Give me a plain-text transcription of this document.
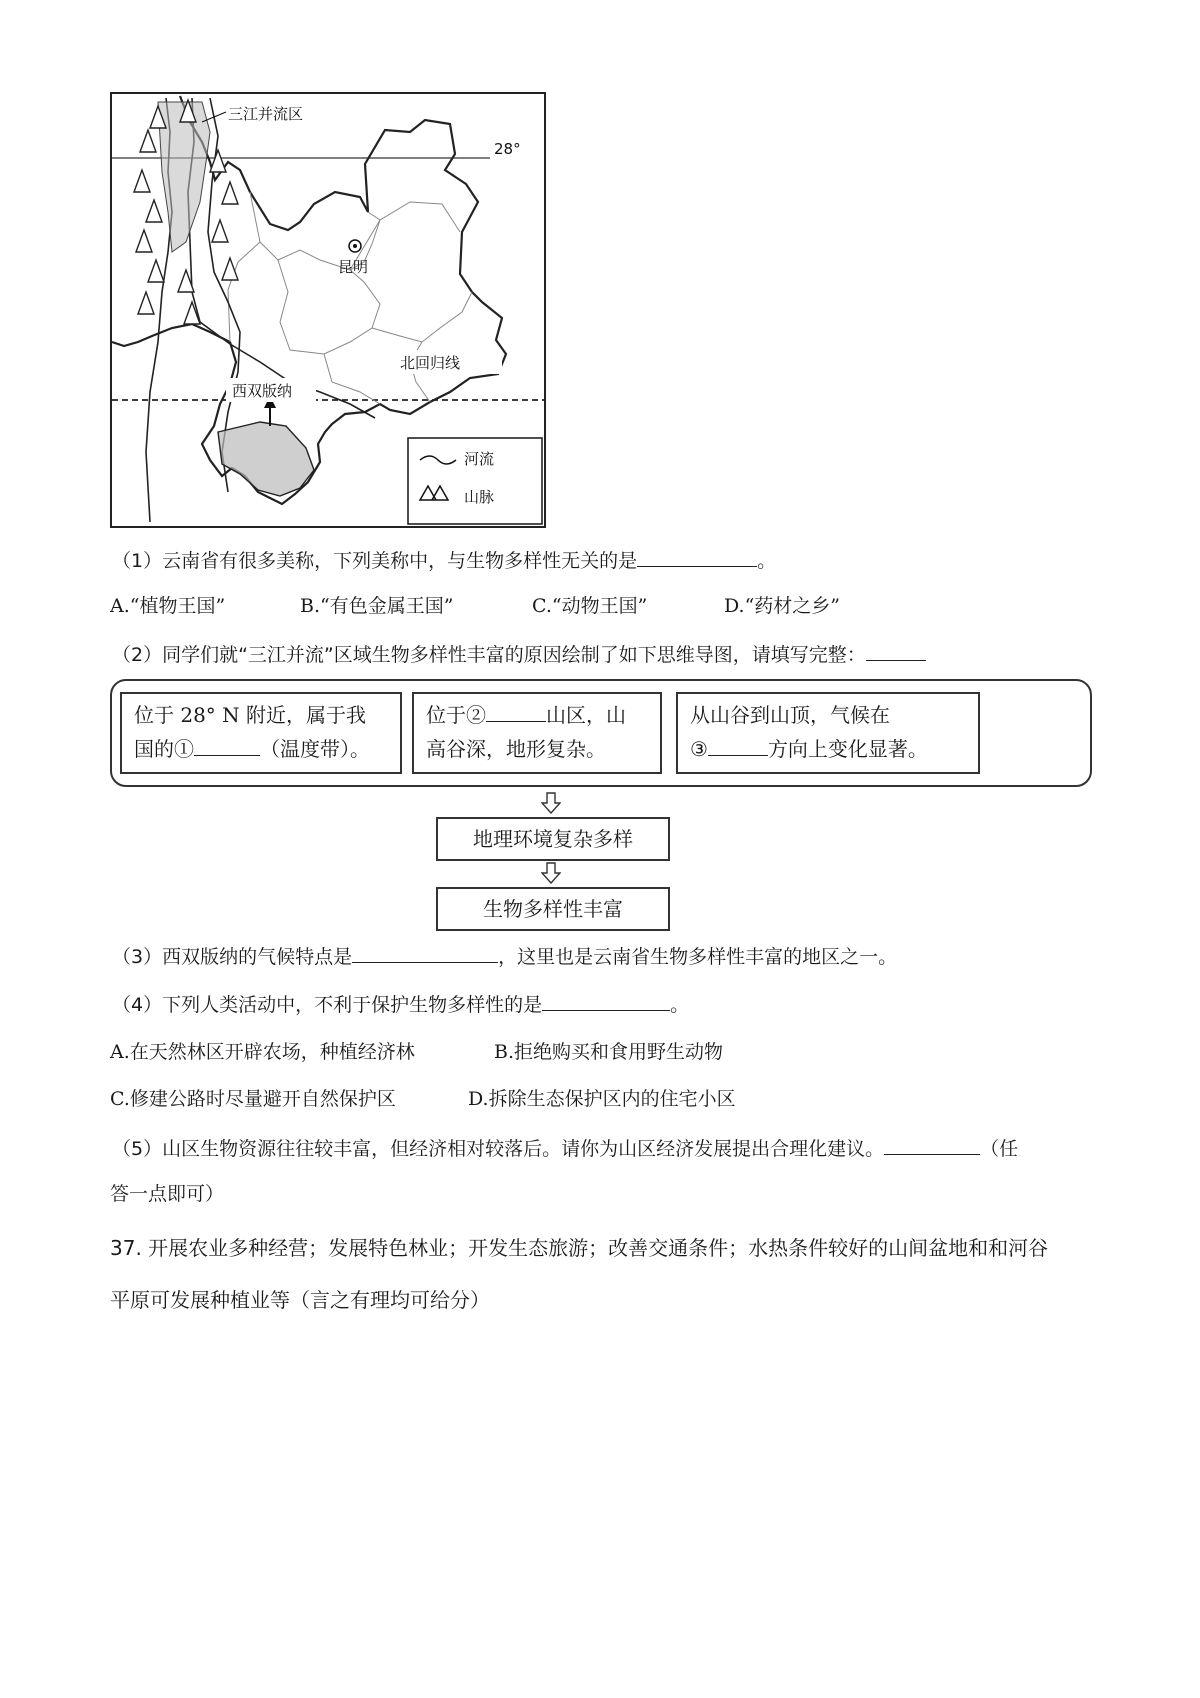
三江并流区
28°
昆明
北回归线
西双版纳
河流
山脉
（1）云南省有很多美称，下列美称中，与生物多样性无关的是	。
A.“植物王国”	B.“有色金属王国”	C.“动物王国”	D.“药材之乡”
（2）同学们就“三江并流”区域生物多样性丰富的原因绘制了如下思维导图，请填写完整：
位于 28° N 附近，属于我
国的①	（温度带）。
位于②	山区，山
高谷深，地形复杂。
从山谷到山顶，气候在
③	方向上变化显著。
地理环境复杂多样
生物多样性丰富
（3）西双版纳的气候特点是	，这里也是云南省生物多样性丰富的地区之一。
（4）下列人类活动中，不利于保护生物多样性的是	。
A.在天然林区开辟农场，种植经济林	B.拒绝购买和食用野生动物
C.修建公路时尽量避开自然保护区	D.拆除生态保护区内的住宅小区
（5）山区生物资源往往较丰富，但经济相对较落后。请你为山区经济发展提出合理化建议。	（任
答一点即可）
37. 开展农业多种经营；发展特色林业；开发生态旅游；改善交通条件；水热条件较好的山间盆地和和河谷
平原可发展种植业等（言之有理均可给分）
